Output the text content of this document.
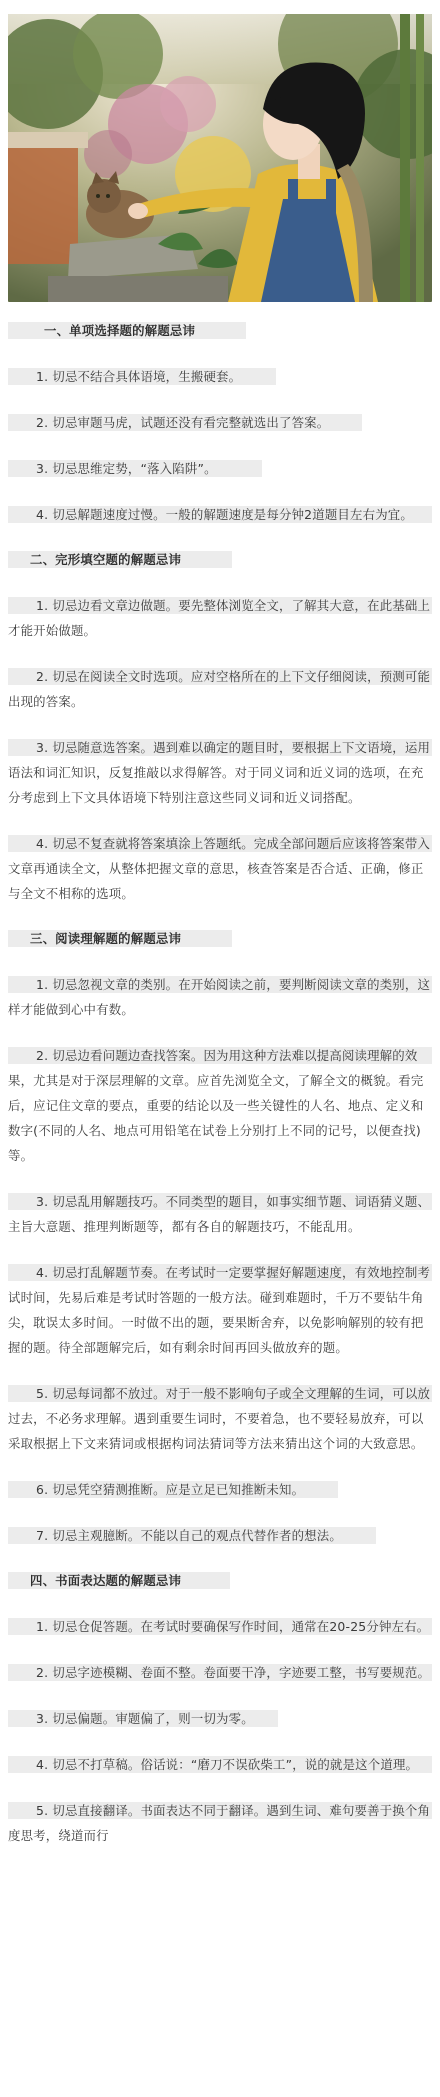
一、单项选择题的解题忌讳
1. 切忌不结合具体语境，生搬硬套。
2. 切忌审题马虎，试题还没有看完整就选出了答案。
3. 切忌思维定势，“落入陷阱”。
4. 切忌解题速度过慢。一般的解题速度是每分钟2道题目左右为宜。
二、完形填空题的解题忌讳
1. 切忌边看文章边做题。要先整体浏览全文，了解其大意，在此基础上才能开始做题。
2. 切忌在阅读全文时选项。应对空格所在的上下文仔细阅读，预测可能出现的答案。
3. 切忌随意选答案。遇到难以确定的题目时，要根据上下文语境，运用语法和词汇知识，反复推敲以求得解答。对于同义词和近义词的选项，在充分考虑到上下文具体语境下特别注意这些同义词和近义词搭配。
4. 切忌不复查就将答案填涂上答题纸。完成全部问题后应该将答案带入文章再通读全文，从整体把握文章的意思，核查答案是否合适、正确，修正与全文不相称的选项。
三、阅读理解题的解题忌讳
1. 切忌忽视文章的类别。在开始阅读之前，要判断阅读文章的类别，这样才能做到心中有数。
2. 切忌边看问题边查找答案。因为用这种方法难以提高阅读理解的效果，尤其是对于深层理解的文章。应首先浏览全文，了解全文的概貌。看完后，应记住文章的要点，重要的结论以及一些关键性的人名、地点、定义和数字(不同的人名、地点可用铅笔在试卷上分别打上不同的记号，以便查找)等。
3. 切忌乱用解题技巧。不同类型的题目，如事实细节题、词语猜义题、主旨大意题、推理判断题等，都有各自的解题技巧，不能乱用。
4. 切忌打乱解题节奏。在考试时一定要掌握好解题速度，有效地控制考试时间，先易后难是考试时答题的一般方法。碰到难题时，千万不要钻牛角尖，耽误太多时间。一时做不出的题，要果断舍弃，以免影响解别的较有把握的题。待全部题解完后，如有剩余时间再回头做放弃的题。
5. 切忌每词都不放过。对于一般不影响句子或全文理解的生词，可以放过去，不必务求理解。遇到重要生词时，不要着急，也不要轻易放弃，可以采取根据上下文来猜词或根据构词法猜词等方法来猜出这个词的大致意思。
6. 切忌凭空猜测推断。应是立足已知推断未知。
7. 切忌主观臆断。不能以自己的观点代替作者的想法。
四、书面表达题的解题忌讳
1. 切忌仓促答题。在考试时要确保写作时间，通常在20-25分钟左右。
2. 切忌字迹模糊、卷面不整。卷面要干净，字迹要工整，书写要规范。
3. 切忌偏题。审题偏了，则一切为零。
4. 切忌不打草稿。俗话说：“磨刀不误砍柴工”，说的就是这个道理。
5. 切忌直接翻译。书面表达不同于翻译。遇到生词、难句要善于换个角度思考，绕道而行
